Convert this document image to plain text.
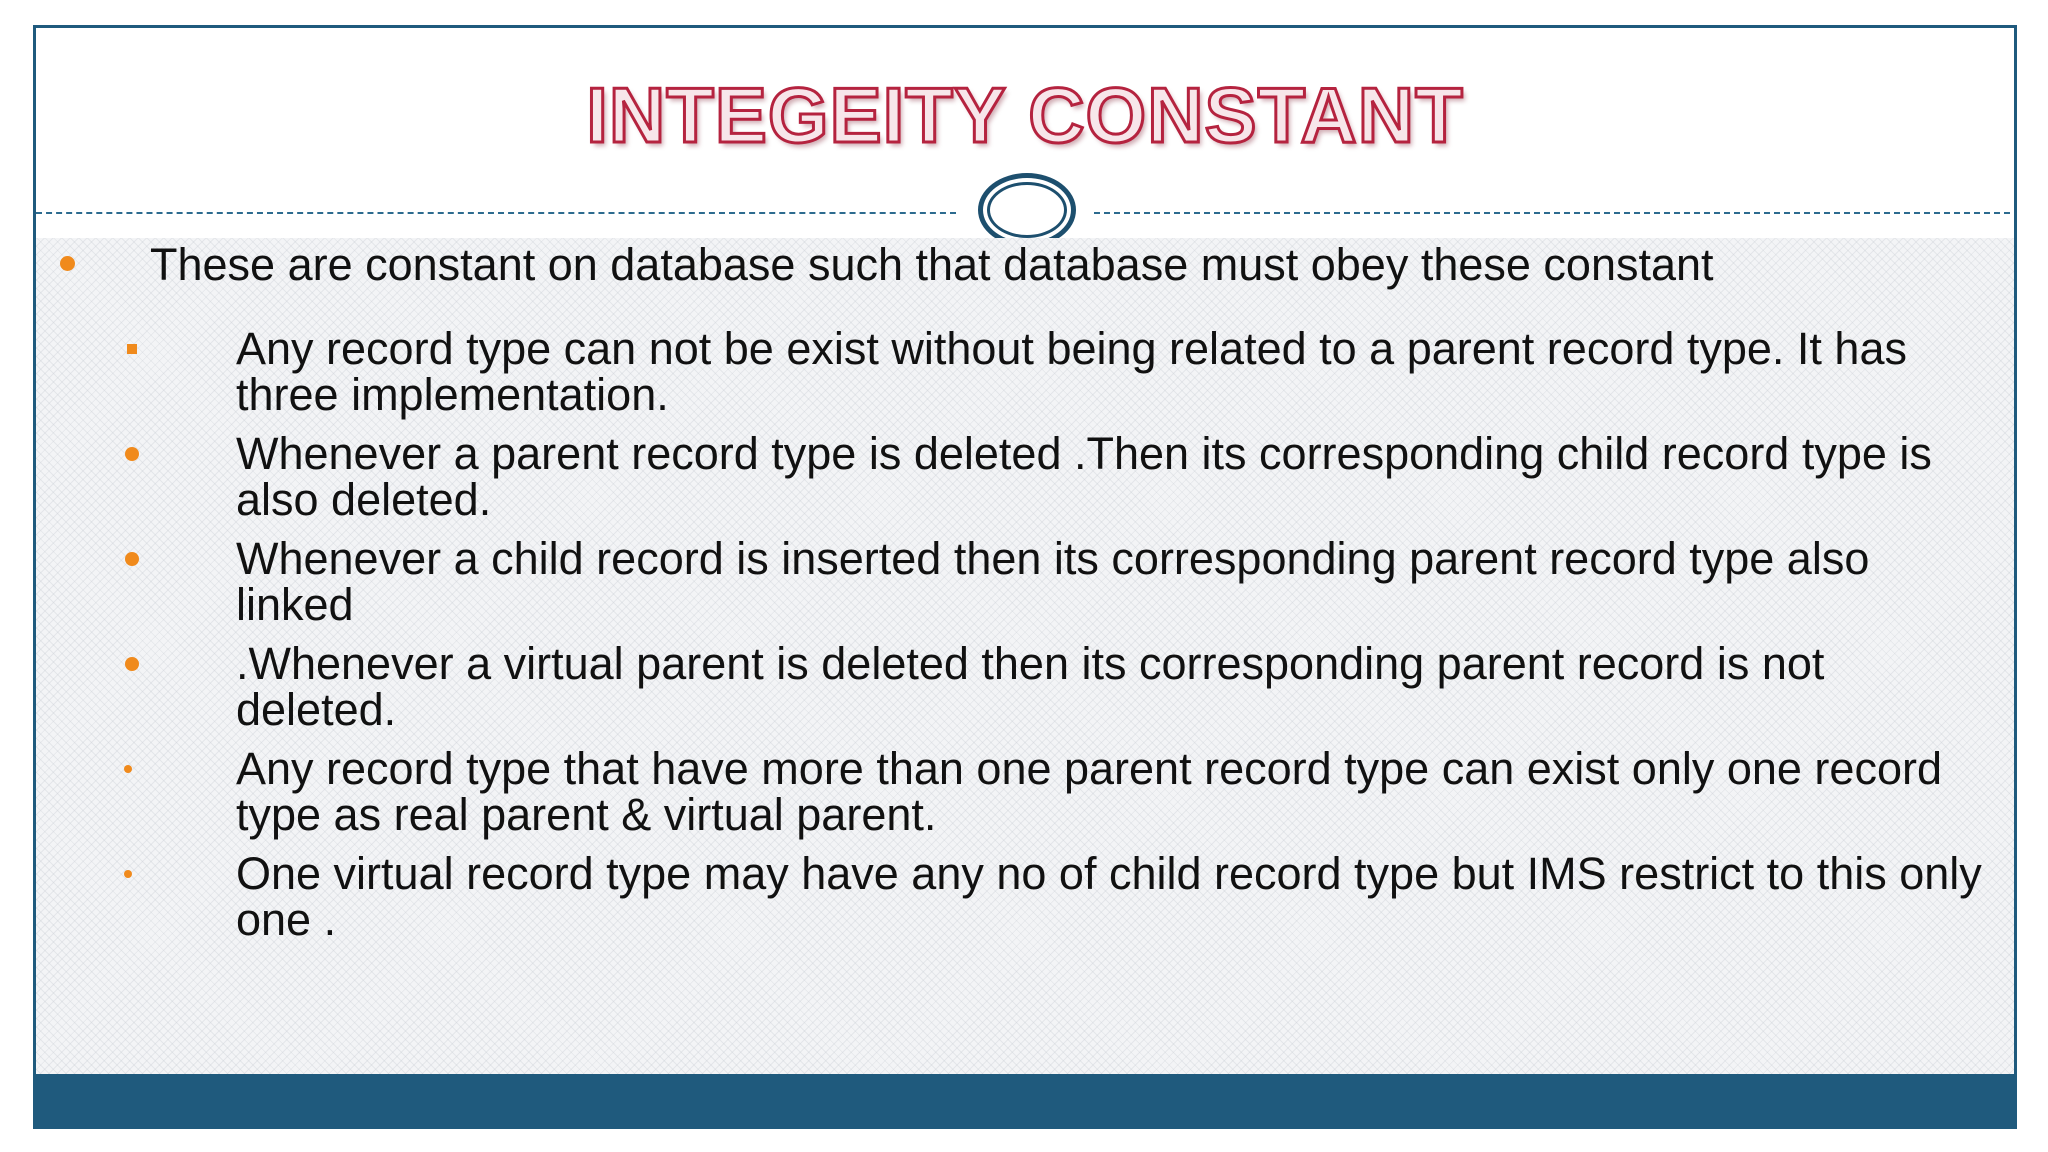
INTEGEITY CONSTANT
These are constant on database such that database must obey these constant
Any record type can not be exist without being related to a parent record type. It has three implementation.
Whenever a parent record type is deleted .Then its corresponding child record type is also deleted.
Whenever a child record is inserted then its corresponding parent record type also linked
.Whenever a virtual parent is deleted then its corresponding parent record is not deleted.
Any record type that have more than one parent record type can exist only one record type as real parent & virtual parent.
One virtual record type may have any no of child record type but IMS restrict to this only one .
